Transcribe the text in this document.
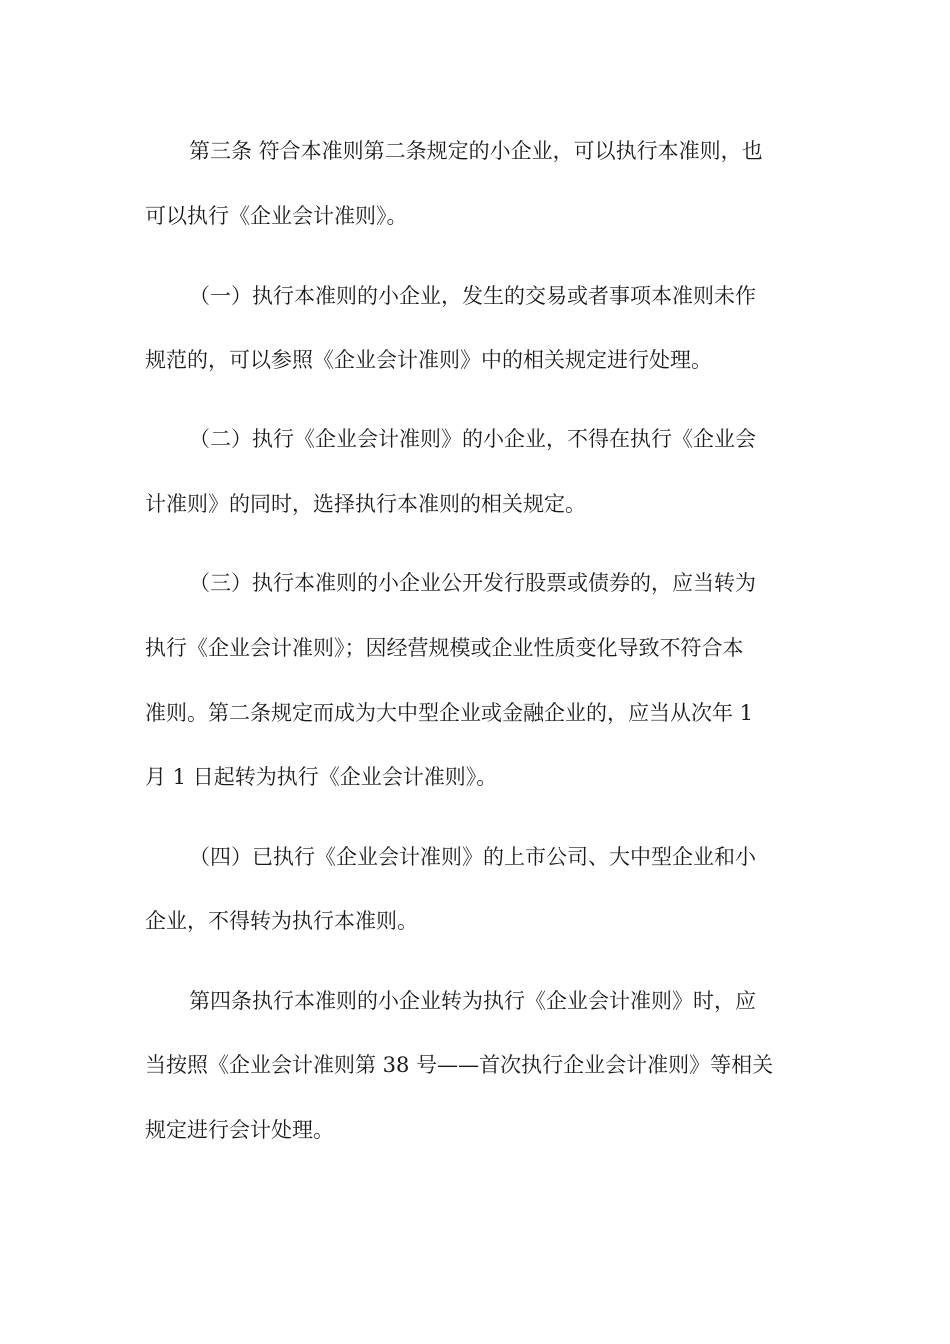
第三条 符合本准则第二条规定的小企业，可以执行本准则，也
可以执行《企业会计准则》。
（一）执行本准则的小企业，发生的交易或者事项本准则未作
规范的，可以参照《企业会计准则》中的相关规定进行处理。
（二）执行《企业会计准则》的小企业，不得在执行《企业会
计准则》的同时，选择执行本准则的相关规定。
（三）执行本准则的小企业公开发行股票或债券的，应当转为
执行《企业会计准则》；因经营规模或企业性质变化导致不符合本
准则。第二条规定而成为大中型企业或金融企业的，应当从次年 1
月 1 日起转为执行《企业会计准则》。
（四）已执行《企业会计准则》的上市公司、大中型企业和小
企业，不得转为执行本准则。
第四条执行本准则的小企业转为执行《企业会计准则》时，应
当按照《企业会计准则第 38 号——首次执行企业会计准则》等相关
规定进行会计处理。
